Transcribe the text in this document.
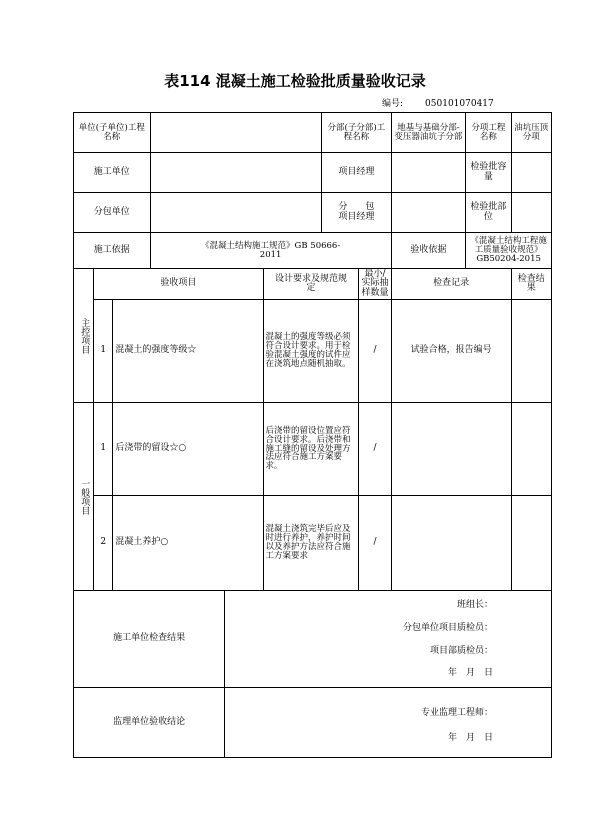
表114 混凝土施工检验批质量验收记录
编号: 050101070417
单位(子单位)工程名称						分部(子分部)工程名称		地基与基础分部-变压器油坑子分部	分项工程名称	油坑压顶分项
施工单位						项目经理			检验批容量	
分包单位						分　　包项目经理			检验批部位	
施工依据			《混凝土结构施工规范》GB 50666-2011					验收依据	《混凝土结构工程施工质量验收规范》GB50204-2015	

主控项目	验收项目				设计要求及规范规定		最小/实际抽样数量	检查记录		检查结果
	1	混凝土的强度等级☆			混凝土的强度等级必须符合设计要求。用于检验混凝土强度的试件应在浇筑地点随机抽取。		/	试验合格，报告编号		

一般项目	1	后浇带的留设☆○			后浇带的留设位置应符合设计要求。后浇带和施工缝的留设及处理方法应符合施工方案要求。		/			
	2	混凝土养护○			混凝土浇筑完毕后应及时进行养护，养护时间以及养护方法应符合施工方案要求		/			
施工单位检查结果				班组长：
分包单位项目质检员：
项目部质检员：
年　月　日						

监理单位验收结论				专业监理工程师：
年　月　日						
